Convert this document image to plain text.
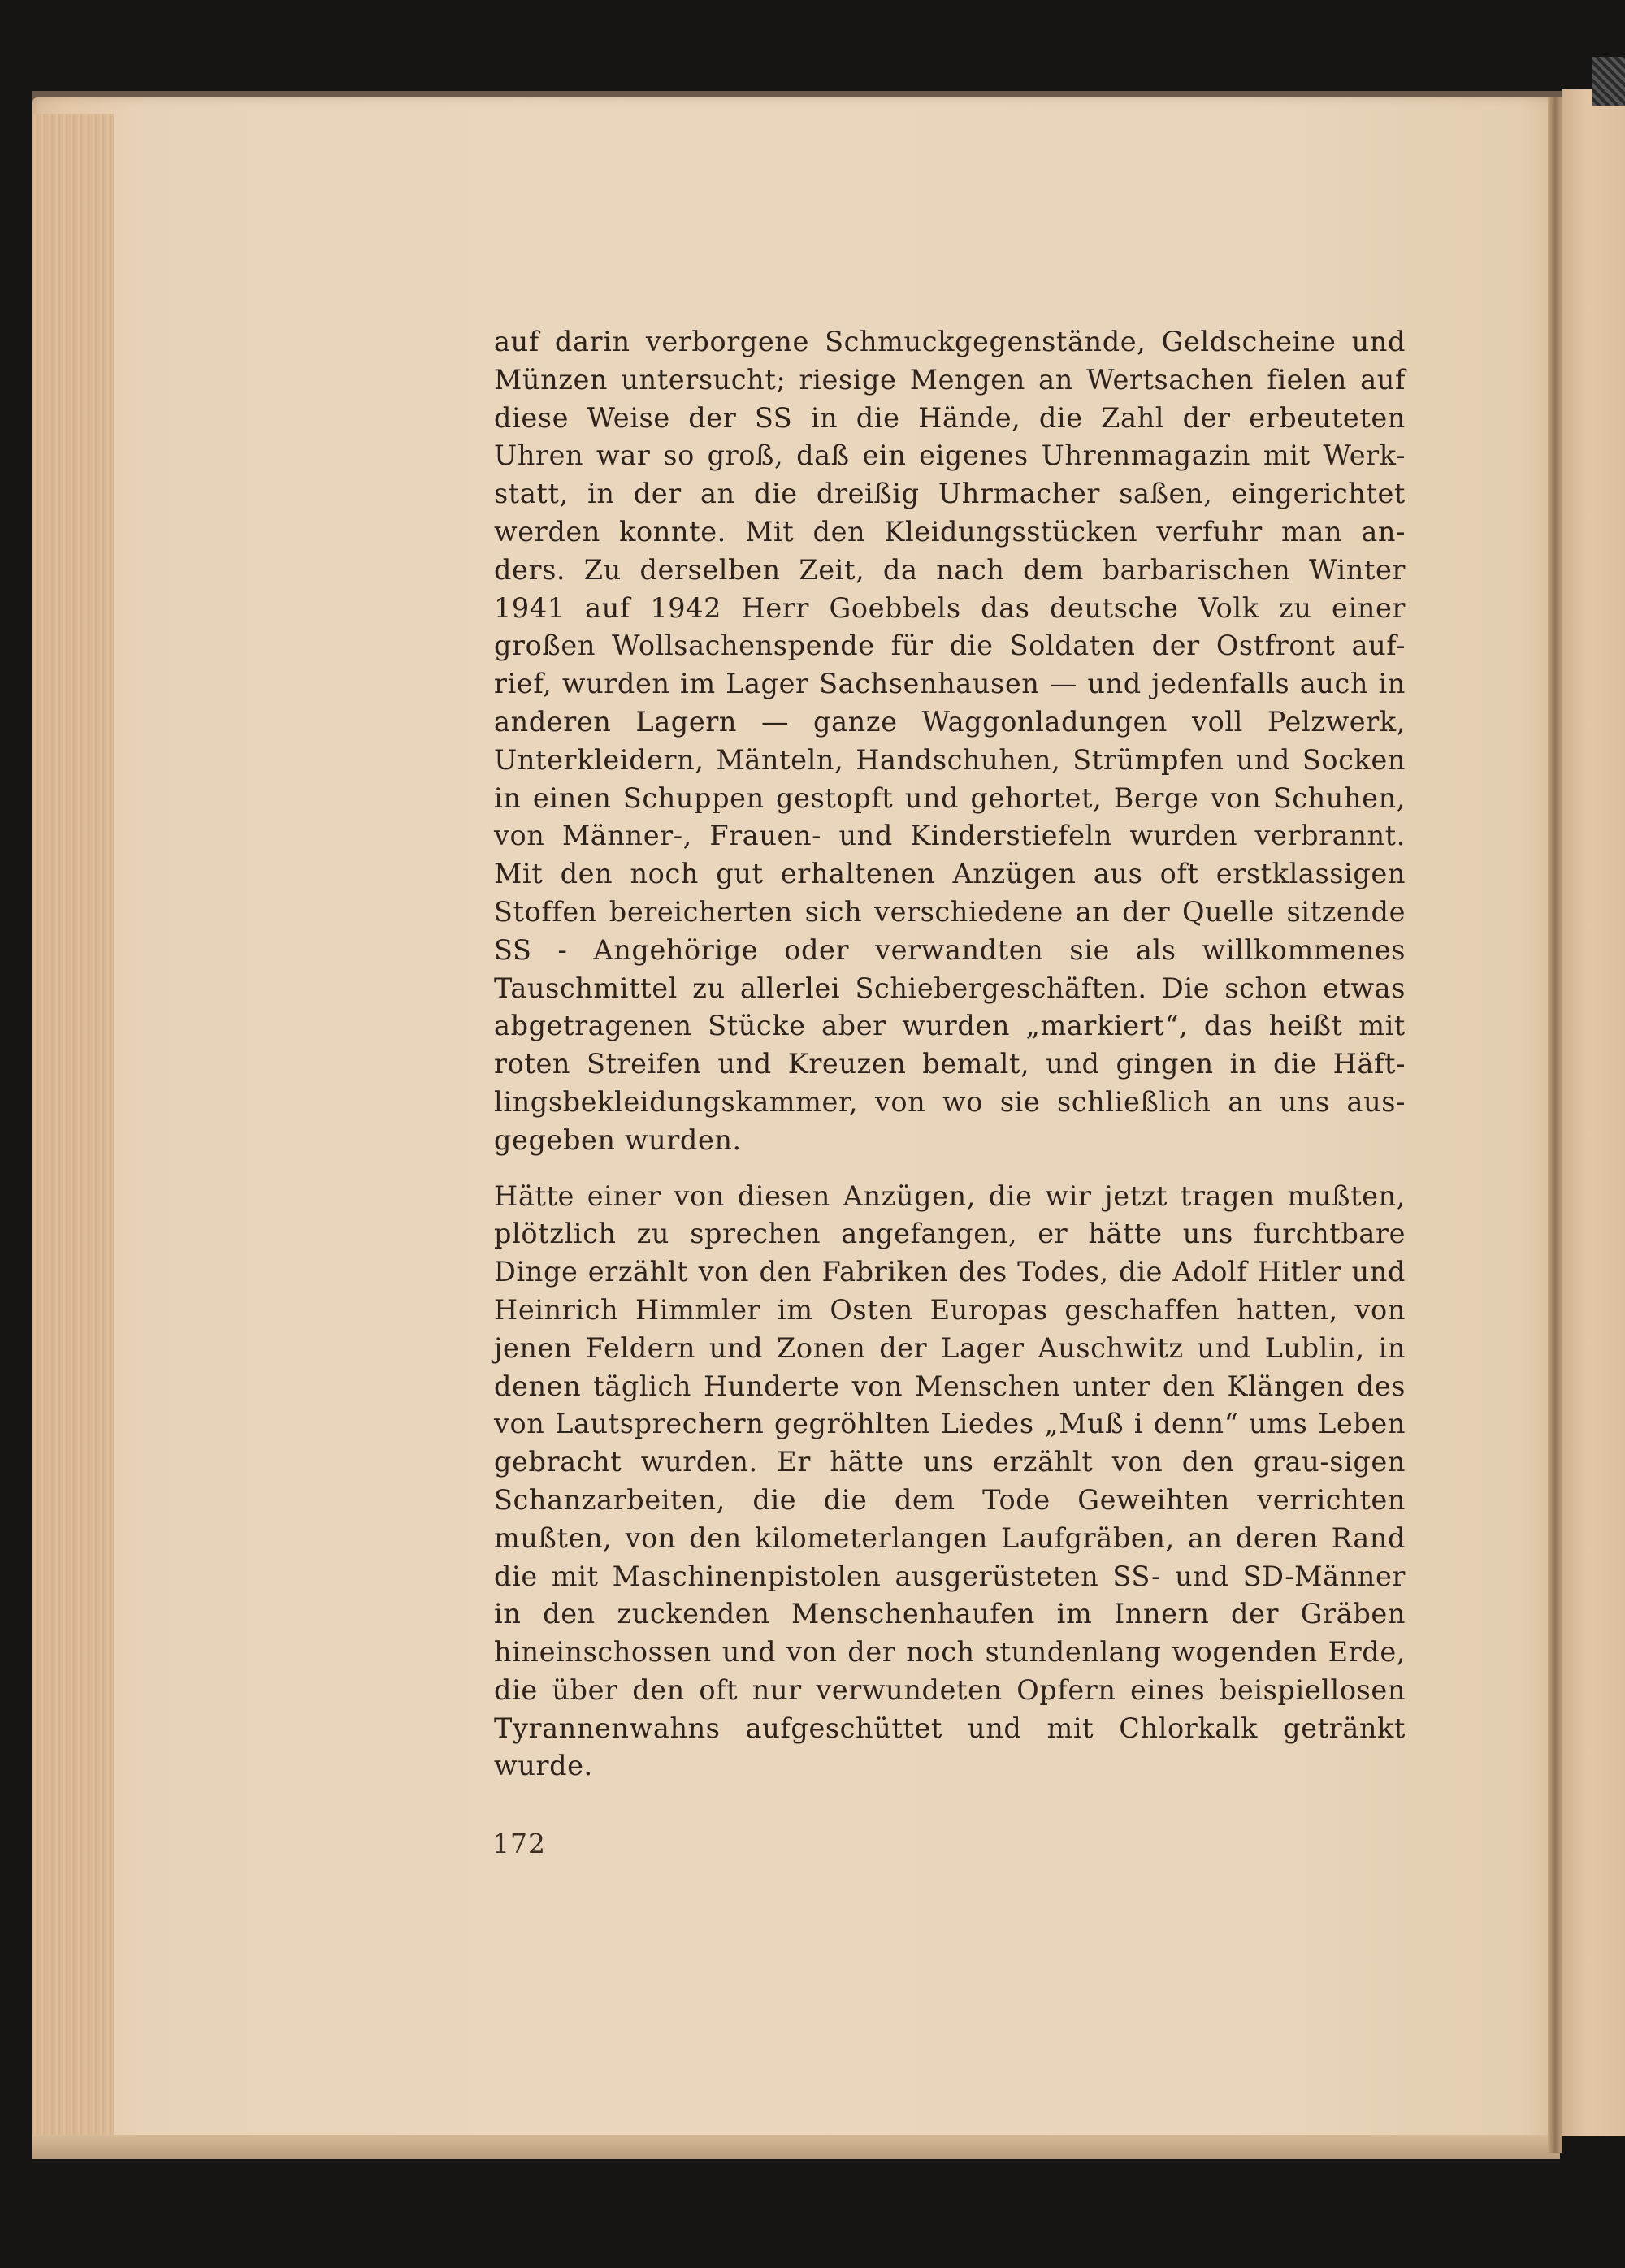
auf darin verborgene Schmuckgegenstände, Geldscheine und Münzen untersucht; riesige Mengen an Wertsachen fielen auf diese Weise der SS in die Hände, die Zahl der erbeuteten Uhren war so groß, daß ein eigenes Uhrenmagazin mit Werk-statt, in der an die dreißig Uhrmacher saßen, eingerichtet werden konnte. Mit den Kleidungsstücken verfuhr man an-ders. Zu derselben Zeit, da nach dem barbarischen Winter 1941 auf 1942 Herr Goebbels das deutsche Volk zu einer großen Wollsachenspende für die Soldaten der Ostfront auf-rief, wurden im Lager Sachsenhausen — und jedenfalls auch in anderen Lagern — ganze Waggonladungen voll Pelzwerk, Unterkleidern, Mänteln, Handschuhen, Strümpfen und Socken in einen Schuppen gestopft und gehortet, Berge von Schuhen, von Männer-, Frauen- und Kinderstiefeln wurden verbrannt. Mit den noch gut erhaltenen Anzügen aus oft erstklassigen Stoffen bereicherten sich verschiedene an der Quelle sitzende SS - Angehörige oder verwandten sie als willkommenes Tauschmittel zu allerlei Schiebergeschäften. Die schon etwas abgetragenen Stücke aber wurden „markiert“, das heißt mit roten Streifen und Kreuzen bemalt, und gingen in die Häft-lingsbekleidungskammer, von wo sie schließlich an uns aus-gegeben wurden.

Hätte einer von diesen Anzügen, die wir jetzt tragen mußten, plötzlich zu sprechen angefangen, er hätte uns furchtbare Dinge erzählt von den Fabriken des Todes, die Adolf Hitler und Heinrich Himmler im Osten Europas geschaffen hatten, von jenen Feldern und Zonen der Lager Auschwitz und Lublin, in denen täglich Hunderte von Menschen unter den Klängen des von Lautsprechern gegröhlten Liedes „Muß i denn“ ums Leben gebracht wurden. Er hätte uns erzählt von den grau-sigen Schanzarbeiten, die die dem Tode Geweihten verrichten mußten, von den kilometerlangen Laufgräben, an deren Rand die mit Maschinenpistolen ausgerüsteten SS- und SD-Männer in den zuckenden Menschenhaufen im Innern der Gräben hineinschossen und von der noch stundenlang wogenden Erde, die über den oft nur verwundeten Opfern eines beispiellosen Tyrannenwahns aufgeschüttet und mit Chlorkalk getränkt wurde.

172
